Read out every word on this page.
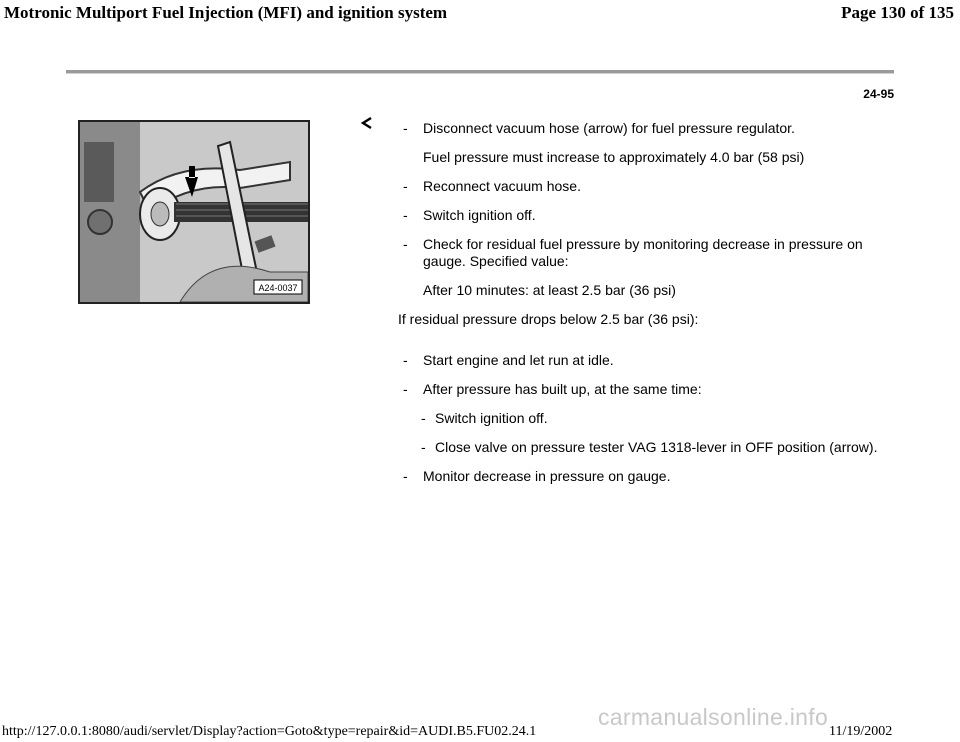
Motronic Multiport Fuel Injection (MFI) and ignition system	Page 130 of 135
24-95
A24-0037
- Disconnect vacuum hose (arrow) for fuel pressure regulator.
Fuel pressure must increase to approximately 4.0 bar (58 psi)
- Reconnect vacuum hose.
- Switch ignition off.
- Check for residual fuel pressure by monitoring decrease in pressure on gauge. Specified value:
After 10 minutes: at least 2.5 bar (36 psi)
If residual pressure drops below 2.5 bar (36 psi):
- Start engine and let run at idle.
- After pressure has built up, at the same time:
- Switch ignition off.
- Close valve on pressure tester VAG 1318-lever in OFF position (arrow).
- Monitor decrease in pressure on gauge.
carmanualsonline.info
http://127.0.0.1:8080/audi/servlet/Display?action=Goto&type=repair&id=AUDI.B5.FU02.24.1	11/19/2002
